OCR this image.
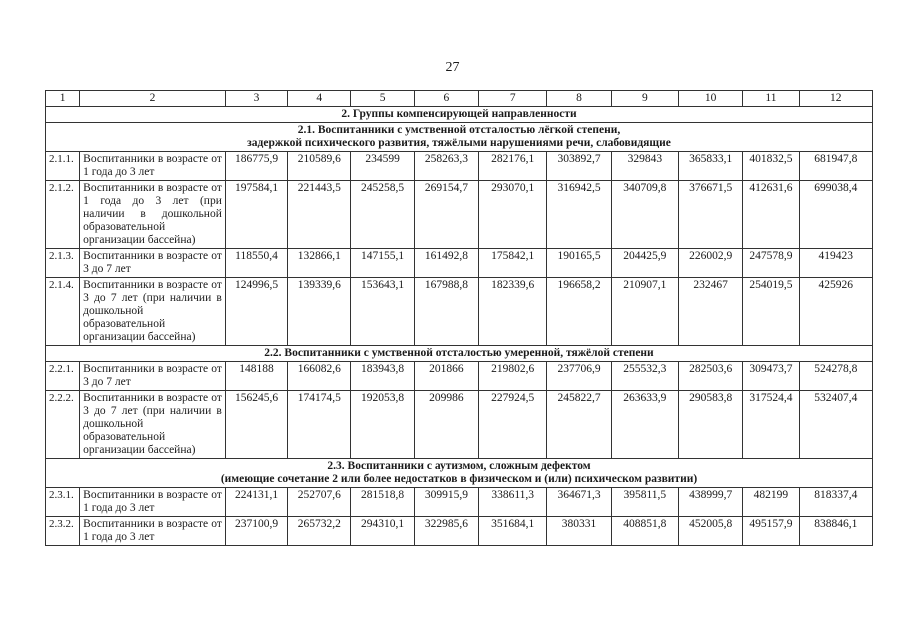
27
1	2	3	4	5	6	7	8	9	10	11	12
2. Группы компенсирующей направленности											

2.1. Воспитанники с умственной отсталостью лёгкой степени,
задержкой психического развития, тяжёлыми нарушениями речи, слабовидящие											

2.1.1.	Воспитанники в возрасте от 1 года до 3 лет	186775,9	210589,6	234599	258263,3	282176,1	303892,7	329843	365833,1	401832,5	681947,8
2.1.2.	Воспитанники в возрасте от 1 года до 3 лет (при наличии в дошкольной образовательной организации бассейна)	197584,1	221443,5	245258,5	269154,7	293070,1	316942,5	340709,8	376671,5	412631,6	699038,4
2.1.3.	Воспитанники в возрасте от 3 до 7 лет	118550,4	132866,1	147155,1	161492,8	175842,1	190165,5	204425,9	226002,9	247578,9	419423
2.1.4.	Воспитанники в возрасте от 3 до 7 лет (при наличии в дошкольной образовательной организации бассейна)	124996,5	139339,6	153643,1	167988,8	182339,6	196658,2	210907,1	232467	254019,5	425926

2.2. Воспитанники с умственной отсталостью умеренной, тяжёлой степени											

2.2.1.	Воспитанники в возрасте от 3 до 7 лет	148188	166082,6	183943,8	201866	219802,6	237706,9	255532,3	282503,6	309473,7	524278,8
2.2.2.	Воспитанники в возрасте от 3 до 7 лет (при наличии в дошкольной образовательной организации бассейна)	156245,6	174174,5	192053,8	209986	227924,5	245822,7	263633,9	290583,8	317524,4	532407,4

2.3. Воспитанники с аутизмом, сложным дефектом
(имеющие сочетание 2 или более недостатков в физическом и (или) психическом развитии)											

2.3.1.	Воспитанники в возрасте от 1 года до 3 лет	224131,1	252707,6	281518,8	309915,9	338611,3	364671,3	395811,5	438999,7	482199	818337,4
2.3.2.	Воспитанники в возрасте от 1 года до 3 лет	237100,9	265732,2	294310,1	322985,6	351684,1	380331	408851,8	452005,8	495157,9	838846,1
